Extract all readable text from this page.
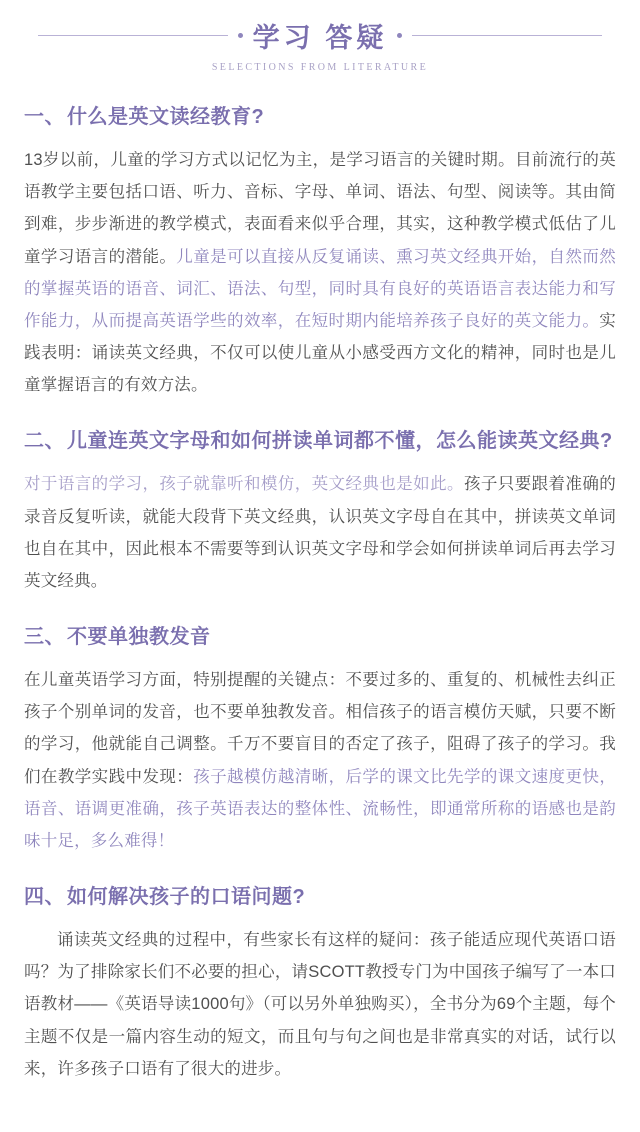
学习 答疑
SELECTIONS FROM LITERATURE
一、 什么是英文读经教育?

13岁以前，儿童的学习方式以记忆为主，是学习语言的关键时期。目前流行的英语教学主要包括口语、听力、音标、字母、单词、语法、句型、阅读等。其由简到难，步步渐进的教学模式，表面看来似乎合理，其实，这种教学模式低估了儿童学习语言的潜能。儿童是可以直接从反复诵读、熏习英文经典开始，自然而然的掌握英语的语音、词汇、语法、句型，同时具有良好的英语语言表达能力和写作能力，从而提高英语学些的效率，在短时期内能培养孩子良好的英文能力。实践表明：诵读英文经典，不仅可以使儿童从小感受西方文化的精神，同时也是儿童掌握语言的有效方法。

二、 儿童连英文字母和如何拼读单词都不懂，怎么能读英文经典?

对于语言的学习，孩子就靠听和模仿，英文经典也是如此。孩子只要跟着准确的录音反复听读，就能大段背下英文经典，认识英文字母自在其中，拼读英文单词也自在其中，因此根本不需要等到认识英文字母和学会如何拼读单词后再去学习英文经典。

三、 不要单独教发音

在儿童英语学习方面，特别提醒的关键点：不要过多的、重复的、机械性去纠正孩子个别单词的发音，也不要单独教发音。相信孩子的语言模仿天赋，只要不断的学习，他就能自己调整。千万不要盲目的否定了孩子，阻碍了孩子的学习。我们在教学实践中发现：孩子越模仿越清晰，后学的课文比先学的课文速度更快，语音、语调更准确，孩子英语表达的整体性、流畅性，即通常所称的语感也是韵味十足，多么难得！

四、 如何解决孩子的口语问题?

诵读英文经典的过程中，有些家长有这样的疑问：孩子能适应现代英语口语吗？为了排除家长们不必要的担心，请SCOTT教授专门为中国孩子编写了一本口语教材——《英语导读1000句》（可以另外单独购买），全书分为69个主题，每个主题不仅是一篇内容生动的短文，而且句与句之间也是非常真实的对话，试行以来，许多孩子口语有了很大的进步。
